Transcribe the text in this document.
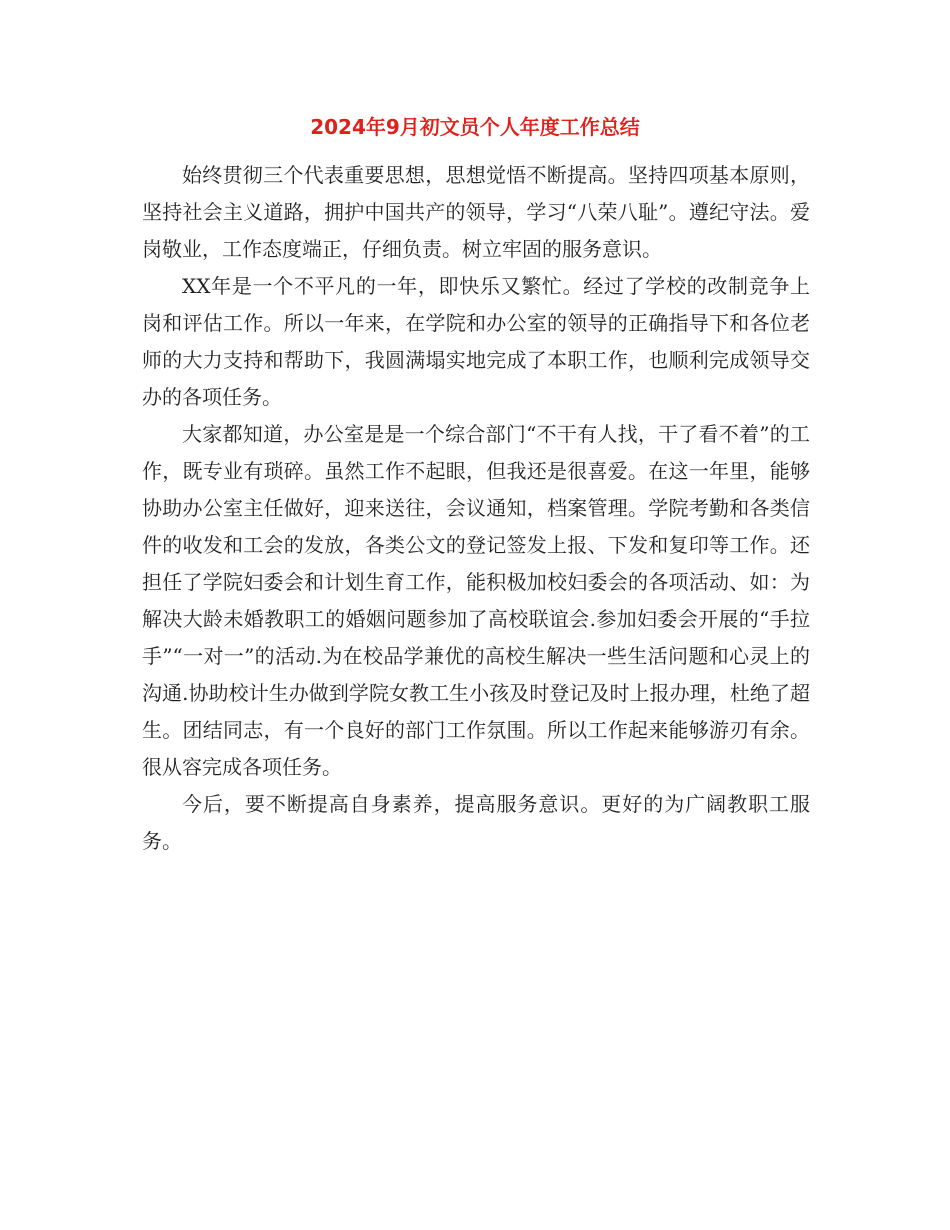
2024年9月初文员个人年度工作总结

始终贯彻三个代表重要思想，思想觉悟不断提高。坚持四项基本原则，坚持社会主义道路，拥护中国共产的领导，学习“八荣八耻”。遵纪守法。爱岗敬业，工作态度端正，仔细负责。树立牢固的服务意识。

XX年是一个不平凡的一年，即快乐又繁忙。经过了学校的改制竞争上岗和评估工作。所以一年来，在学院和办公室的领导的正确指导下和各位老师的大力支持和帮助下，我圆满塌实地完成了本职工作，也顺利完成领导交办的各项任务。

大家都知道，办公室是是一个综合部门“不干有人找，干了看不着”的工作，既专业有琐碎。虽然工作不起眼，但我还是很喜爱。在这一年里，能够协助办公室主任做好，迎来送往，会议通知，档案管理。学院考勤和各类信件的收发和工会的发放，各类公文的登记签发上报、下发和复印等工作。还担任了学院妇委会和计划生育工作，能积极加校妇委会的各项活动、如：为解决大龄未婚教职工的婚姻问题参加了高校联谊会.参加妇委会开展的“手拉手”“一对一”的活动.为在校品学兼优的高校生解决一些生活问题和心灵上的沟通.协助校计生办做到学院女教工生小孩及时登记及时上报办理，杜绝了超生。团结同志，有一个良好的部门工作氛围。所以工作起来能够游刃有余。很从容完成各项任务。

今后，要不断提高自身素养，提高服务意识。更好的为广阔教职工服务。
